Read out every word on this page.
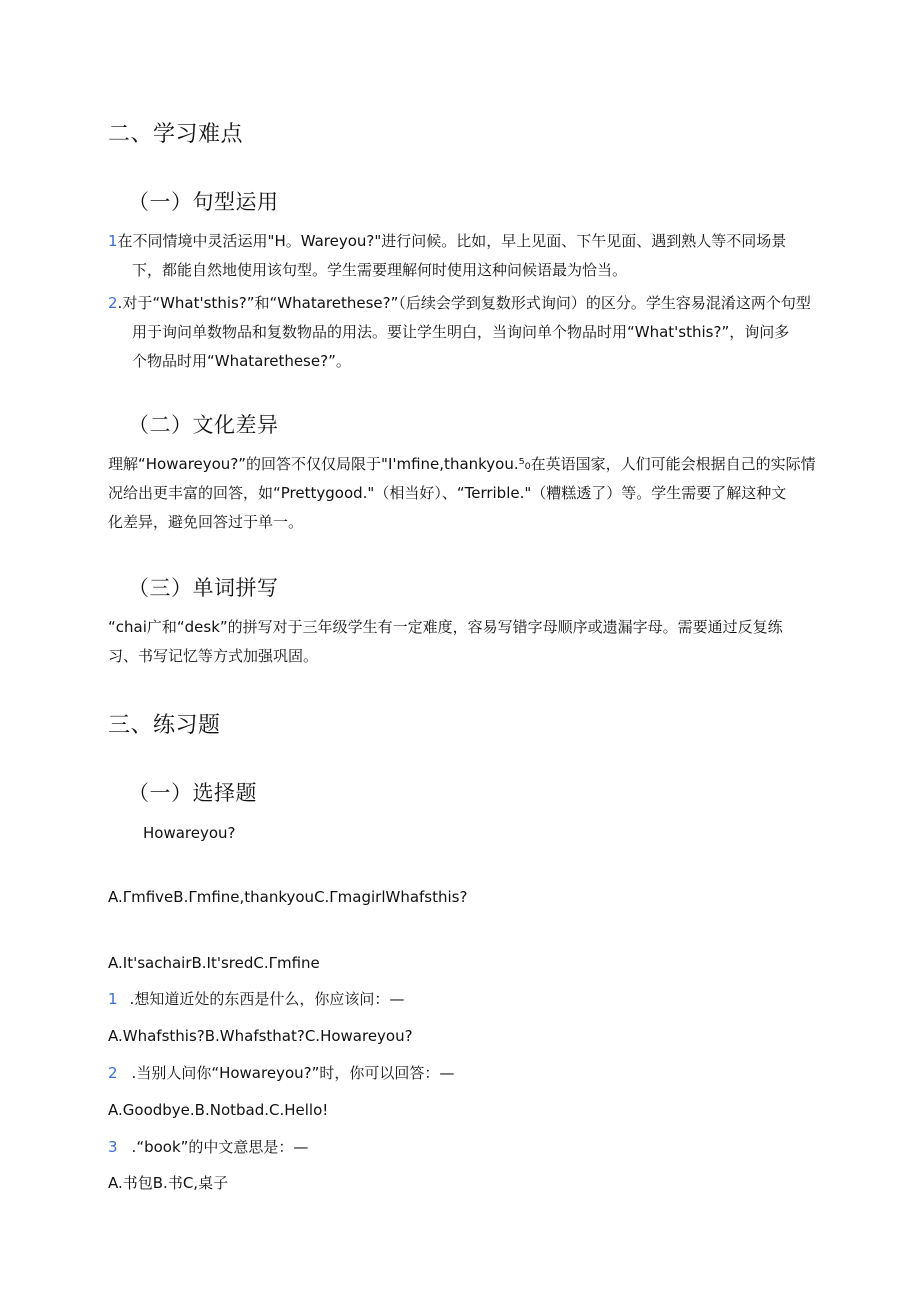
二、学习难点
（一）句型运用
1在不同情境中灵活运用"H。Wareyou?"进行问候。比如，早上见面、下午见面、遇到熟人等不同场景
下，都能自然地使用该句型。学生需要理解何时使用这种问候语最为恰当。
2.对于“What'sthis?”和“Whatarethese?”（后续会学到复数形式询问）的区分。学生容易混淆这两个句型
用于询问单数物品和复数物品的用法。要让学生明白，当询问单个物品时用“What'sthis?”，询问多
个物品时用“Whatarethese?”。
（二）文化差异
理解“Howareyou?”的回答不仅仅局限于"I'mfine,thankyou.⁵₀在英语国家，人们可能会根据自己的实际情
况给出更丰富的回答，如“Prettygood."（相当好）、“Terrible."（糟糕透了）等。学生需要了解这种文
化差异，避免回答过于单一。
（三）单词拼写
“chai广和“desk”的拼写对于三年级学生有一定难度，容易写错字母顺序或遗漏字母。需要通过反复练
习、书写记忆等方式加强巩固。
三、练习题
（一）选择题
Howareyou?
A.ΓmfiveB.Γmfine,thankyouC.ΓmagirlWhafsthis?
A.It'sachairB.It'sredC.Γmfine
1 .想知道近处的东西是什么，你应该问：—
A.Whafsthis?B.Whafsthat?C.Howareyou?
2 .当别人问你“Howareyou?”时，你可以回答：—
A.Goodbye.B.Notbad.C.Hello!
3 .“book”的中文意思是：—
A.书包B.书C,桌子
